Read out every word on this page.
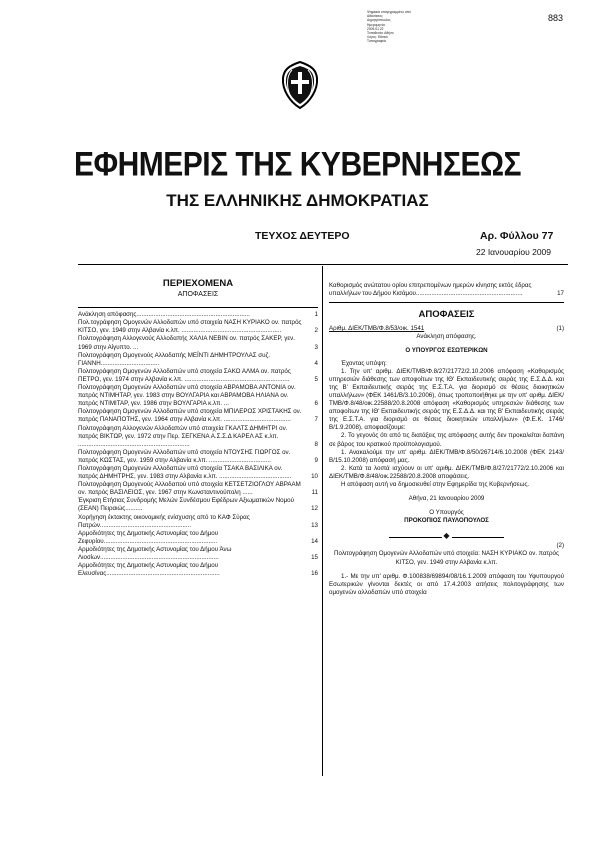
Ψηφιακά υπογεγραμμένο από
Αθανάσιος
Δημητρόπουλος
Ημερομηνία:
2009.01.22
Τοποθεσία: Αθήνα
Λόγος: Εθνικό
Τυπογραφείο
883
ΕΦΗΜΕΡΙΣ ΤΗΣ ΚΥΒΕΡΝΗΣΕΩΣ
ΤΗΣ ΕΛΛΗΝΙΚΗΣ ΔΗΜΟΚΡΑΤΙΑΣ
ΤΕΥΧΟΣ ΔΕΥΤΕΡΟ	Αρ. Φύλλου 77
22 Ιανουαρίου 2009
ΠΕΡΙΕΧΟΜΕΝΑ
ΑΠΟΦΑΣΕΙΣ
Ανάκληση απόφασης..................................................................	1
Πολ.τογράφηση Ομογενών Αλλοδαπών υπό στοιχεία ΝΑΣΗ ΚΥΡΙΑΚΟ ον. πατρός ΚΙΤΣΟ, γεν. 1949 στην Αλβανία κ.λπ. ..........................................................	2
Πολιτογράφηση Αλλογενούς Αλλοδαπής ΧΑΛΙΑ ΝΕΒΙΝ ον. πατρός ΣΑΚΕΡ, γεν. 1969 στην Αίγυπτο. ...	3
Πολιτογράφηση Ομογενούς Αλλοδαπής ΜΕΪΝΤΙ ΔΗΜΗΤΡΟΥΛΑΣ συζ. ΓΙΑΝΝΗ..................................	4
Πολιτογράφηση Ομογενών Αλλοδαπών υπό στοιχεία ΣΑΚΟ ΑΛΜΑ ον. πατρός ΠΕΤΡΟ, γεν. 1974 στην Αλβανία κ.λπ. .............................................................	5
Πολιτογράφηση Ομογενών Αλλοδαπών υπό στοιχεία ΑΒΡΑΜΟΒΑ ΑΝΤΟΝΙΑ ον. πατρός ΝΤΙΜΗΤΑΡ, γεν. 1983 στην ΒΟΥΛΓΑΡΙΑ και ΑΒΡΑΜΟΒΑ ΗΛΙΑΝΑ ον. πατρός ΝΤΙΜΙΤΑΡ, γεν. 1986 στην ΒΟΥΛΓΑΡΙΑ κ.λπ. ...	6
Πολιτογράφηση Ομογενών Αλλοδαπών υπό στοιχεία ΜΠΙΛΕΡΟΣ ΧΡΙΣΤΑΚΗΣ ον. πατρός ΠΑΝΑΠΟΤΗΣ, γεν. 1964 στην Αλβανία κ.λπ. .......................................	7
Πολιτογράφηση Αλλογενών Αλλοδαπών υπό στοιχεία ΓΚΑΛΤΣ ΔΗΜΗΤΡΙ ον. πατρός ΒΙΚΤΩΡ, γεν. 1972 στην Περ. ΣΕΓΚΕΝΑ Α.Σ.Σ.Δ ΚΑΡΕΛ ΑΣ κ.λπ. .................................................................	8
Πολιτογράφηση Ομογενών Αλλοδαπών υπό στοιχεία ΝΤΟΥΣΗΣ ΓΙΩΡΓΟΣ ον. πατρός ΚΩΣΤΑΣ, γεν. 1959 στην Αλβανία κ.λπ. ....................................	9
Πολιτογράφηση Ομογενών Αλλοδαπών υπό στοιχεία ΤΣΑΚΑ ΒΑΣΙΛΙΚΑ ον. πατρός ΔΗΜΗΤΡΗΣ, γεν. 1983 στην Αλβανία κ.λπ. ..........................................	10
Πολιτογράφηση Ομογενούς Αλλοδαπού υπό στοιχεία ΚΕΤΣΕΤΖΙΟΓΛΟΥ ΑΒΡΑΑΜ ον. πατρός ΒΑΣΙΛΕΙΟΣ, γεν. 1967 στην Κωνσταντινούπολη ......	11
Έγκριση Ετήσιας Συνδρομής Μελών Συνδέσμου Εφέδρων Αξιωματικών Νομού (ΣΕΑΝ) Πειραιώς..........	12
Χορήγηση έκτακτης οικονομικής ενίσχυσης από το ΚΑΦ Σύρας Πατρών.....................................................	13
Αρμοδιότητες της Δημοτικής Αστυνομίας του Δήμου Ζεφυρίου..................................................................	14
Αρμοδιότητες της Δημοτικής Αστυνομίας του Δήμου Άνω Λιοσίων.....................................................................	15
Αρμοδιότητες της Δημοτικής Αστυνομίας του Δήμου Ελευσίνας..................................................................	16
Καθορισμός ανώτατου ορίου επιτρεπομένων ημερών κίνησης εκτός έδρας υπαλλήλων του Δήμου Κισάμου..............................................................	17
ΑΠΟΦΑΣΕΙΣ
Αριθμ. ΔΙΕΚ/ΤΜΒ/Φ.8/53/οικ. 1541	(1)
Ανάκληση απόφασης.
Ο ΥΠΟΥΡΓΟΣ ΕΣΩΤΕΡΙΚΩΝ
Έχοντας υπόψη:
1. Την υπ' αριθμ. ΔΙΕΚ/ΤΜΒ/Φ.8/27/21772/2.10.2006 απόφαση «Καθορισμός υπηρεσιών διάθεσης των αποφοίτων της ΙΘ' Εκπαιδευτικής σειράς της Ε.Σ.Δ.Δ. και της Β' Εκπαιδευτικής σειράς της Ε.Σ.Τ.Α. για διορισμό σε θέσεις διοικητικών υπαλλήλων» (ΦΕΚ 1461/Β/3.10.2006), όπως τροποποιήθηκε με την υπ' αριθμ. ΔΙΕΚ/ΤΜΒ/Φ.8/48/οικ.22588/20.8.2008 απόφαση «Καθορισμός υπηρεσιών διάθεσης των αποφοίτων της ΙΘ' Εκπαιδευτικής σειράς της Ε.Σ.Δ.Δ. και της Β' Εκπαιδευτικής σειράς της Ε.Σ.Τ.Α. για διορισμό σε θέσεις διοικητικών υπαλλήλων» (Φ.Ε.Κ. 1746/Β/1.9.2008), αποφασίζουμε:
2. Το γεγονός ότι από τις διατάξεις της απόφασης αυτής δεν προκαλείται δαπάνη σε βάρος του κρατικού προϋπολογισμού.
1. Ανακαλούμε την υπ' αριθμ. ΔΙΕΚ/ΤΜΒ/Φ.8/50/26714/6.10.2008 (ΦΕΚ 2143/Β/15.10.2008) απόφασή μας.
2. Κατά τα λοιπά ισχύουν οι υπ' αριθμ. ΔΙΕΚ/ΤΜΒ/Φ.8/27/21772/2.10.2006 και ΔΙΕΚ/ΤΜΒ/Φ.8/48/οικ.22588/20.8.2008 αποφάσεις.
Η απόφαση αυτή να δημοσιευθεί στην Εφημερίδα της Κυβερνήσεως.
Αθήνα, 21 Ιανουαρίου 2009
Ο Υπουργός
ΠΡΟΚΟΠΙΟΣ ΠΑΥΛΟΠΟΥΛΟΣ
◆
(2)
Πολιτογράφηση Ομογενών Αλλοδαπών υπό στοιχεία: ΝΑΣΗ ΚΥΡΙΑΚΟ ον. πατρός ΚΙΤΣΟ, γεν. 1949 στην Αλβανία κ.λπ.
1.- Με την υπ' αριθμ. Φ.100838/69894/08/16.1.2009 απόφαση του Υφυπουργού Εσωτερικών γίνονται δεκτές οι από 17.4.2003 αιτήσεις πολιτογράφησης των ομογενών αλλοδαπών υπό στοιχεία
